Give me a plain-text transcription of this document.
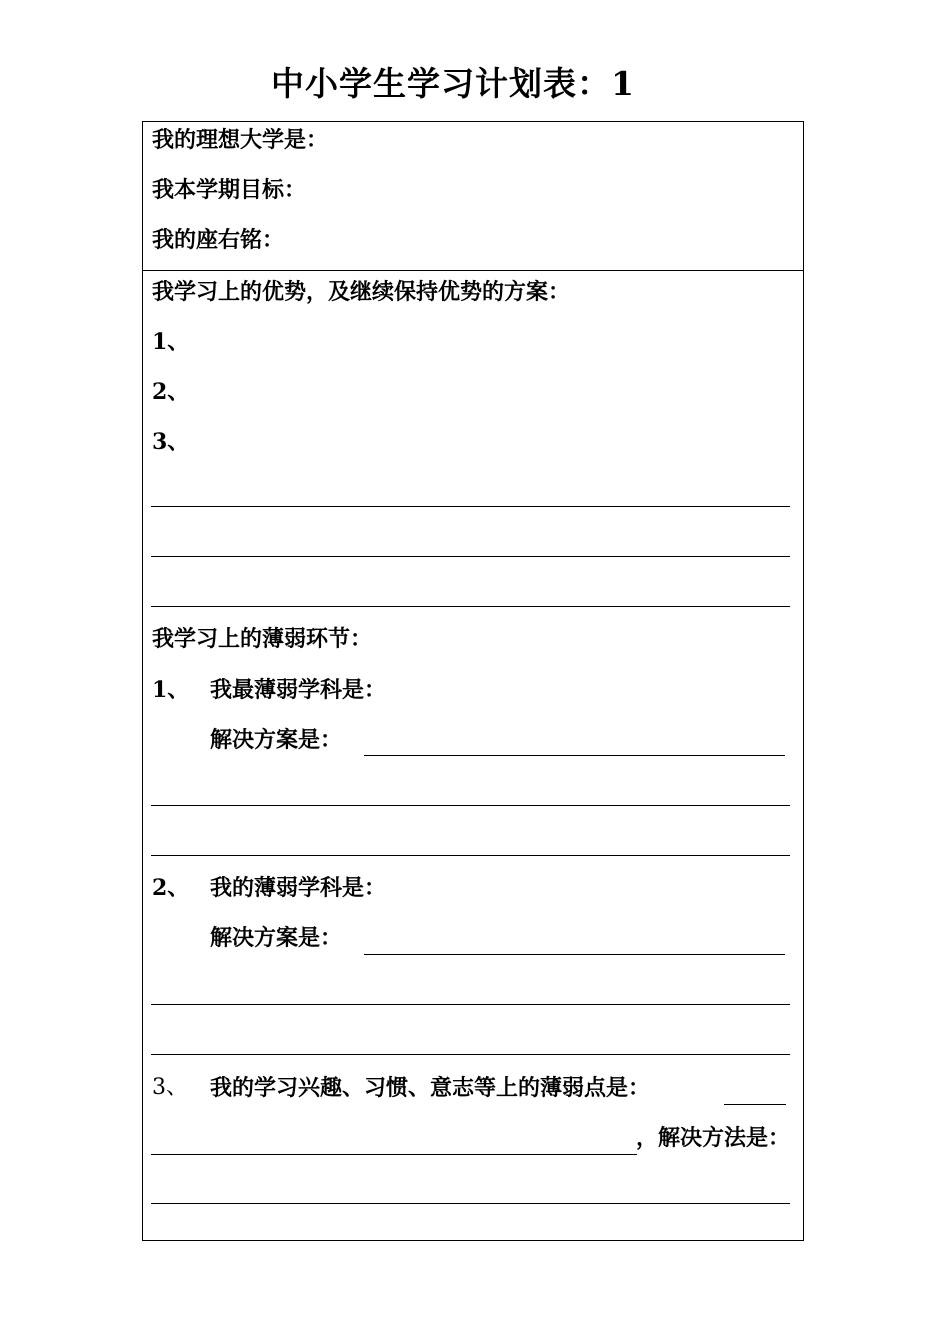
中小学生学习计划表：1
我的理想大学是：
我本学期目标：
我的座右铭：
我学习上的优势，及继续保持优势的方案：
1、
2、
3、
我学习上的薄弱环节：
1、 我最薄弱学科是：
解决方案是：
2、 我的薄弱学科是：
解决方案是：
3、 我的学习兴趣、习惯、意志等上的薄弱点是：
，解决方法是：
